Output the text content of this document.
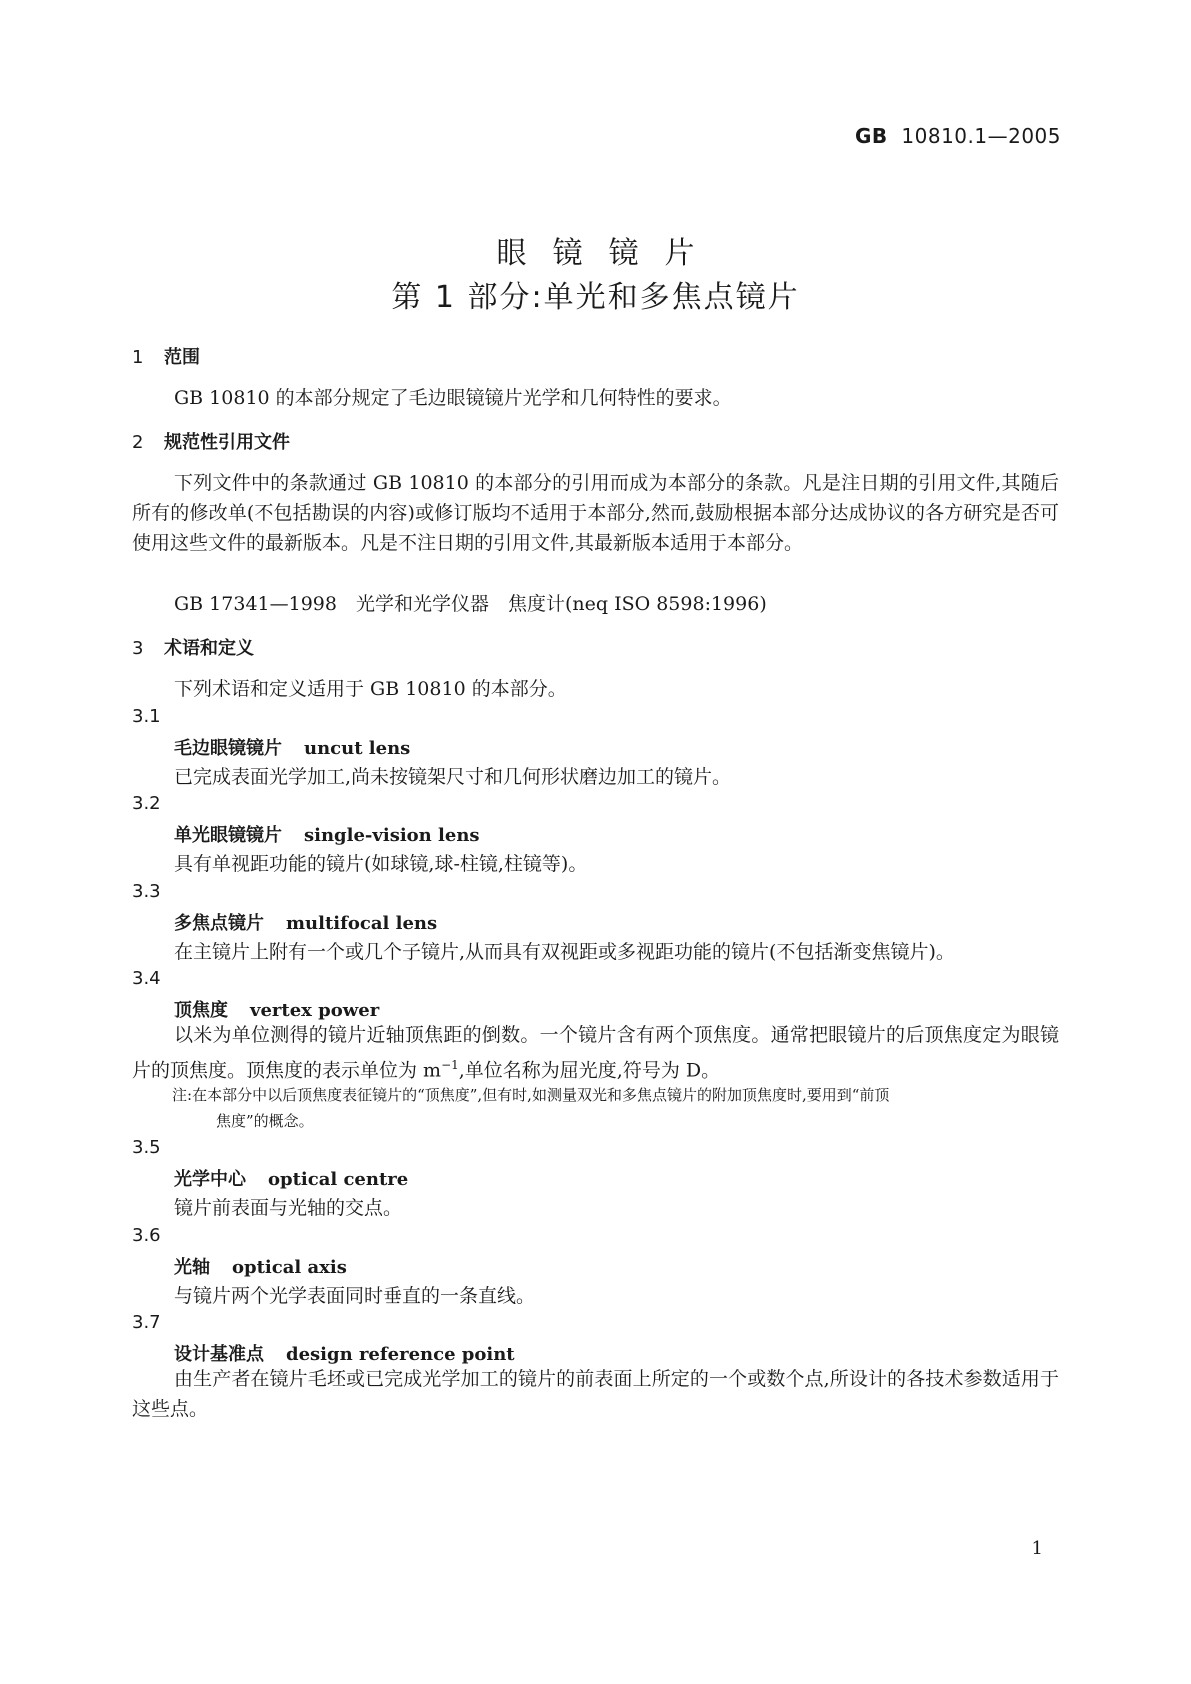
GB 10810.1—2005
眼镜镜片
第 1 部分:单光和多焦点镜片
1 范围
GB 10810 的本部分规定了毛边眼镜镜片光学和几何特性的要求。
2 规范性引用文件
下列文件中的条款通过 GB 10810 的本部分的引用而成为本部分的条款。凡是注日期的引用文件,其随后所有的修改单(不包括勘误的内容)或修订版均不适用于本部分,然而,鼓励根据本部分达成协议的各方研究是否可使用这些文件的最新版本。凡是不注日期的引用文件,其最新版本适用于本部分。
GB 17341—1998　光学和光学仪器　焦度计(neq ISO 8598:1996)
3 术语和定义
下列术语和定义适用于 GB 10810 的本部分。
3.1
毛边眼镜镜片 uncut lens
已完成表面光学加工,尚未按镜架尺寸和几何形状磨边加工的镜片。
3.2
单光眼镜镜片 single-vision lens
具有单视距功能的镜片(如球镜,球-柱镜,柱镜等)。
3.3
多焦点镜片 multifocal lens
在主镜片上附有一个或几个子镜片,从而具有双视距或多视距功能的镜片(不包括渐变焦镜片)。
3.4
顶焦度 vertex power
以米为单位测得的镜片近轴顶焦距的倒数。一个镜片含有两个顶焦度。通常把眼镜片的后顶焦度定为眼镜片的顶焦度。顶焦度的表示单位为 $m^{-1}$,单位名称为屈光度,符号为 D。
注:在本部分中以后顶焦度表征镜片的“顶焦度”,但有时,如测量双光和多焦点镜片的附加顶焦度时,要用到“前顶
焦度”的概念。
3.5
光学中心 optical centre
镜片前表面与光轴的交点。
3.6
光轴 optical axis
与镜片两个光学表面同时垂直的一条直线。
3.7
设计基准点 design reference point
由生产者在镜片毛坯或已完成光学加工的镜片的前表面上所定的一个或数个点,所设计的各技术参数适用于这些点。
1
